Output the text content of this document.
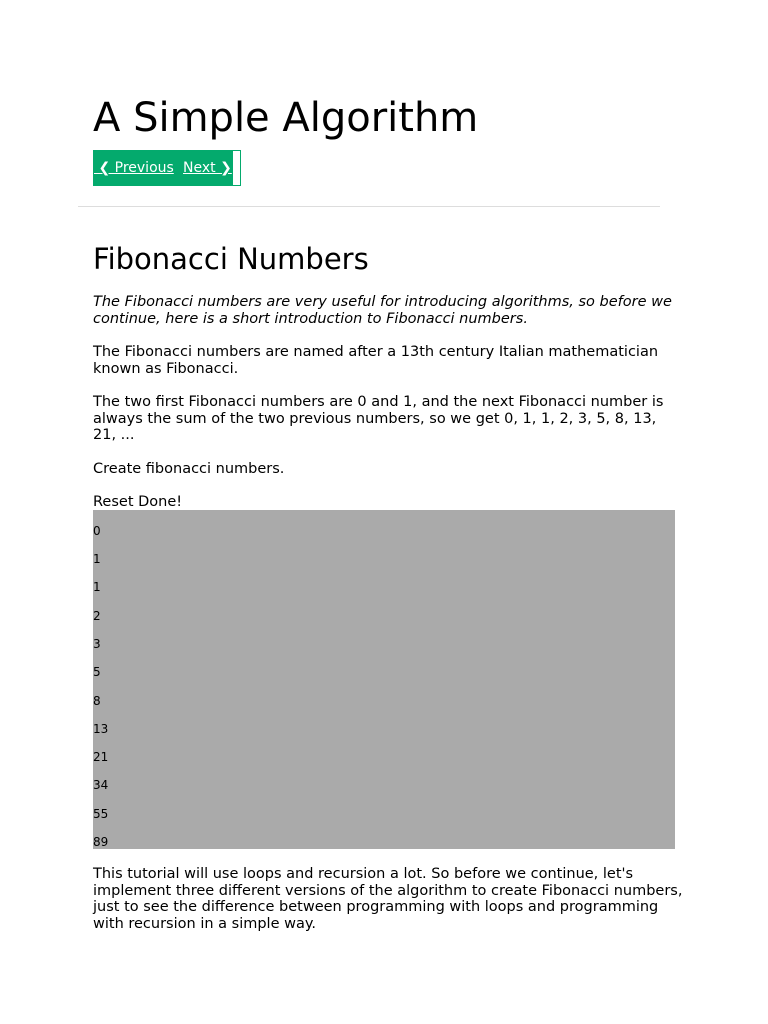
A Simple Algorithm
❮ Previous Next ❯
Fibonacci Numbers

The Fibonacci numbers are very useful for introducing algorithms, so before we continue, here is a short introduction to Fibonacci numbers.

The Fibonacci numbers are named after a 13th century Italian mathematician known as Fibonacci.

The two first Fibonacci numbers are 0 and 1, and the next Fibonacci number is always the sum of the two previous numbers, so we get 0, 1, 1, 2, 3, 5, 8, 13, 21, ...

Create fibonacci numbers.

Reset Done!
0
1
1
2
3
5
8
13
21
34
55
89

This tutorial will use loops and recursion a lot. So before we continue, let's implement three different versions of the algorithm to create Fibonacci numbers, just to see the difference between programming with loops and programming with recursion in a simple way.
